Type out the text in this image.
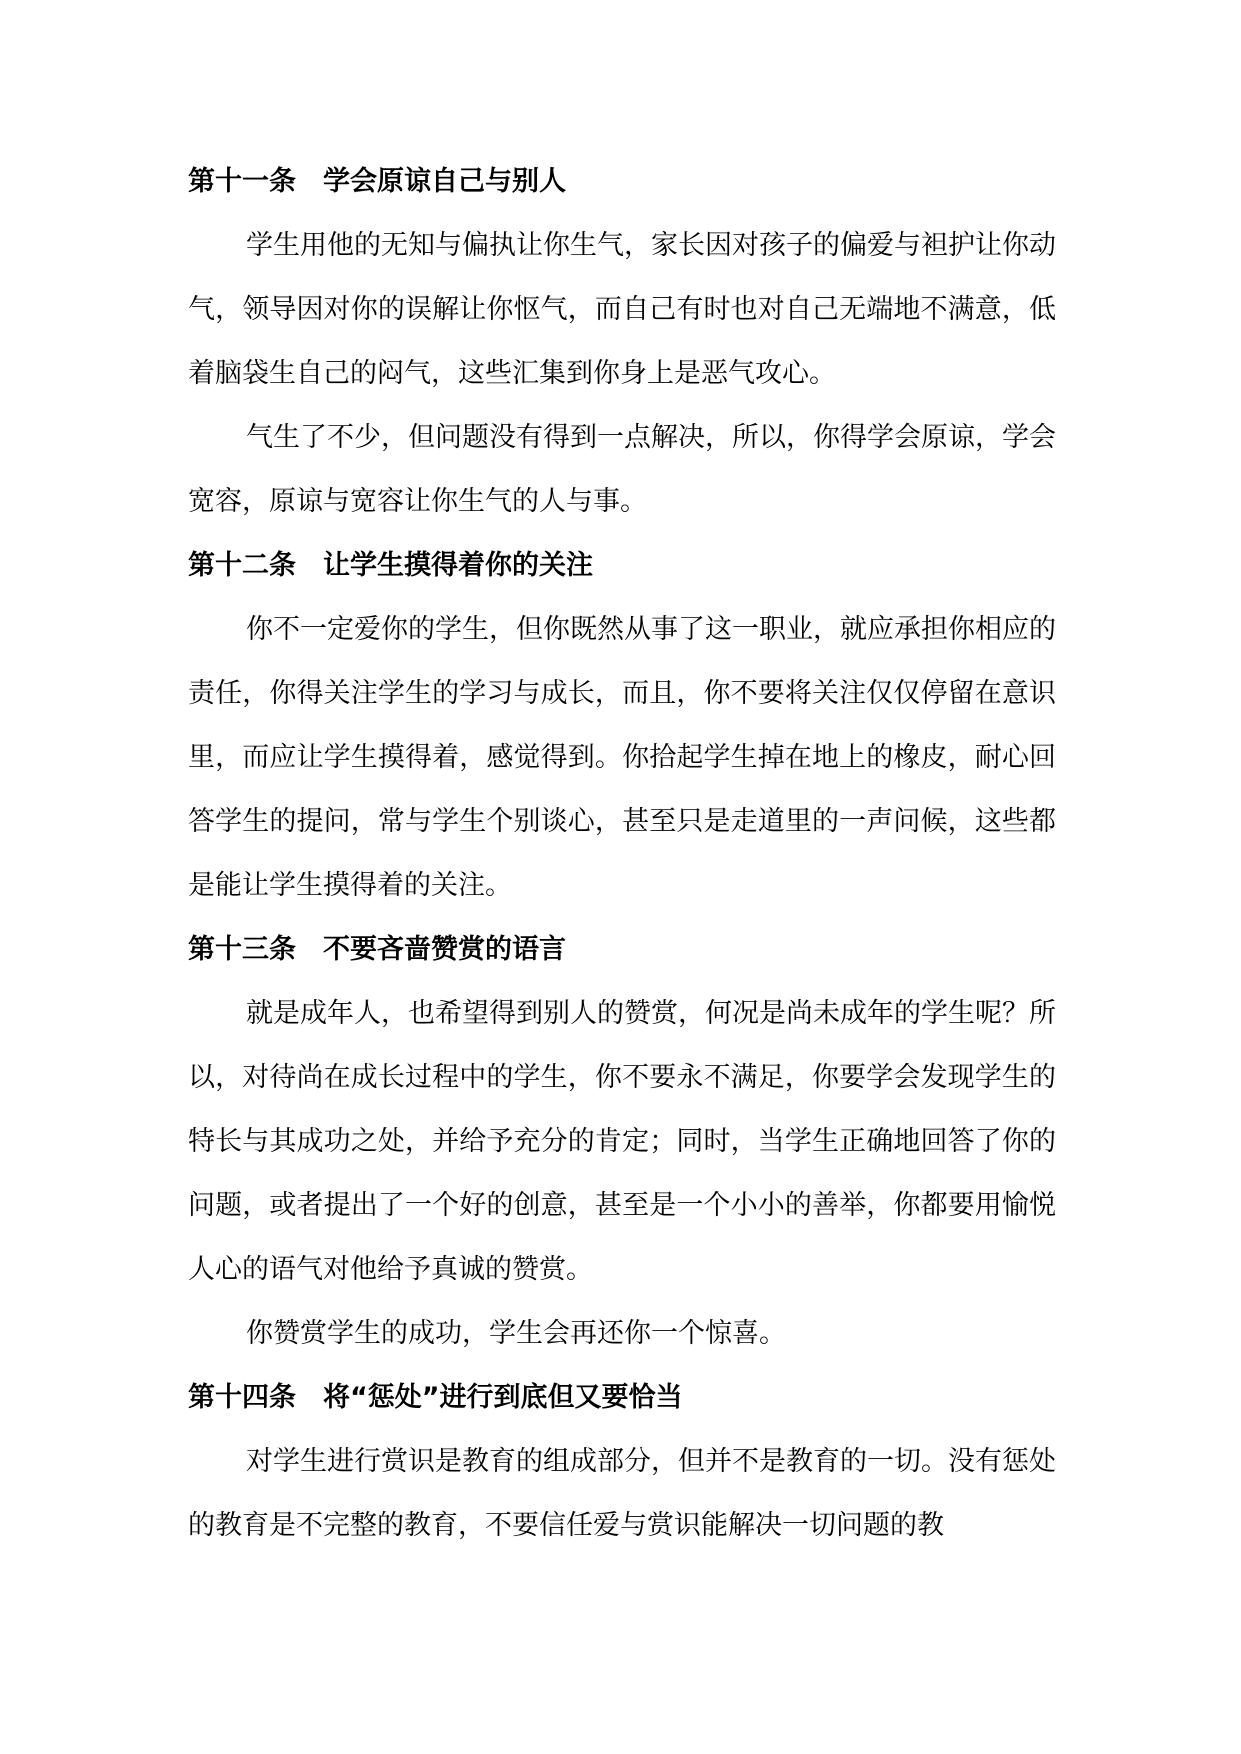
第十一条　学会原谅自己与别人

学生用他的无知与偏执让你生气，家长因对孩子的偏爱与袒护让你动气，领导因对你的误解让你怄气，而自己有时也对自己无端地不满意，低着脑袋生自己的闷气，这些汇集到你身上是恶气攻心。

气生了不少，但问题没有得到一点解决，所以，你得学会原谅，学会宽容，原谅与宽容让你生气的人与事。

第十二条　让学生摸得着你的关注

你不一定爱你的学生，但你既然从事了这一职业，就应承担你相应的责任，你得关注学生的学习与成长，而且，你不要将关注仅仅停留在意识里，而应让学生摸得着，感觉得到。你拾起学生掉在地上的橡皮，耐心回答学生的提问，常与学生个别谈心，甚至只是走道里的一声问候，这些都是能让学生摸得着的关注。

第十三条　不要吝啬赞赏的语言

就是成年人，也希望得到别人的赞赏，何况是尚未成年的学生呢？所以，对待尚在成长过程中的学生，你不要永不满足，你要学会发现学生的特长与其成功之处，并给予充分的肯定；同时，当学生正确地回答了你的问题，或者提出了一个好的创意，甚至是一个小小的善举，你都要用愉悦人心的语气对他给予真诚的赞赏。

你赞赏学生的成功，学生会再还你一个惊喜。

第十四条　将“惩处”进行到底但又要恰当

对学生进行赏识是教育的组成部分，但并不是教育的一切。没有惩处的教育是不完整的教育，不要信任爱与赏识能解决一切问题的教
